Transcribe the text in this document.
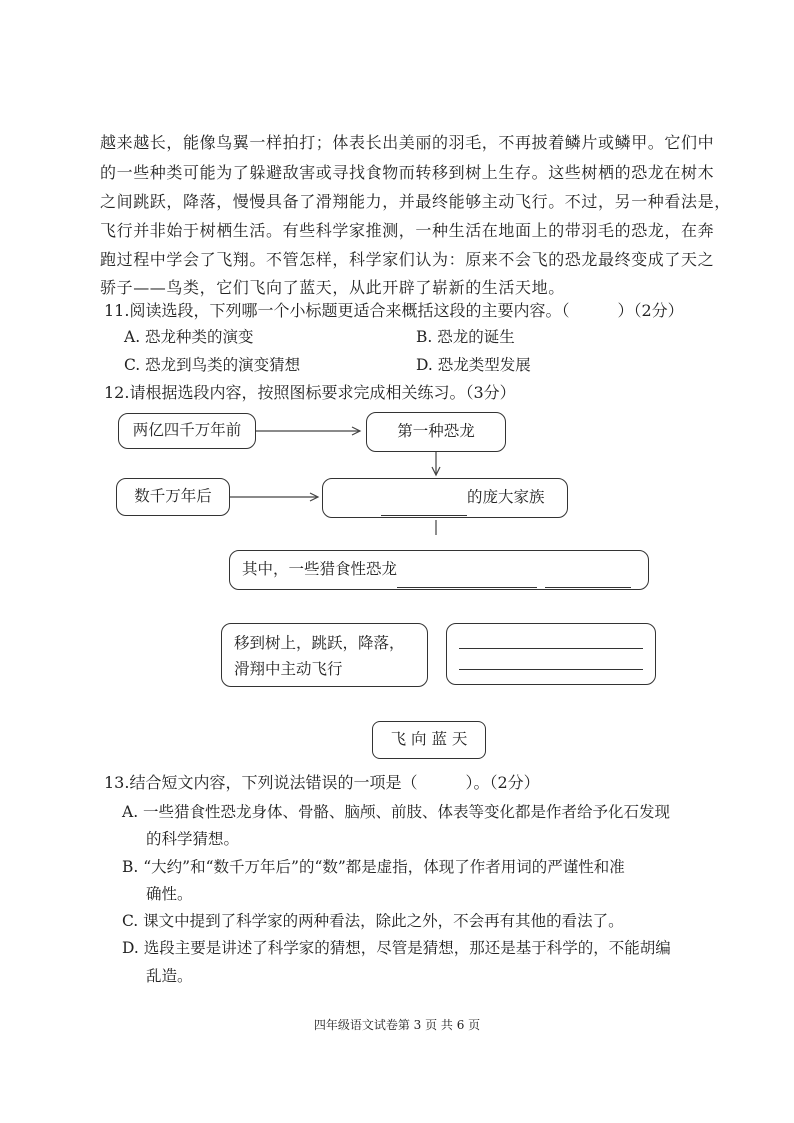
越来越长，能像鸟翼一样拍打；体表长出美丽的羽毛，不再披着鳞片或鳞甲。它们中
的一些种类可能为了躲避敌害或寻找食物而转移到树上生存。这些树栖的恐龙在树木
之间跳跃，降落，慢慢具备了滑翔能力，并最终能够主动飞行。不过，另一种看法是，
飞行并非始于树栖生活。有些科学家推测，一种生活在地面上的带羽毛的恐龙，在奔
跑过程中学会了飞翔。不管怎样，科学家们认为：原来不会飞的恐龙最终变成了天之
骄子——鸟类，它们飞向了蓝天，从此开辟了崭新的生活天地。
11.阅读选段，下列哪一个小标题更适合来概括这段的主要内容。（　　　）（2分）
A. 恐龙种类的演变	B. 恐龙的诞生
C. 恐龙到鸟类的演变猜想	D. 恐龙类型发展
12.请根据选段内容，按照图标要求完成相关练习。（3分）
两亿四千万年前	第一种恐龙
数千万年后	的庞大家族
其中，一些猎食性恐龙
移到树上，跳跃，降落，
滑翔中主动飞行
飞 向 蓝 天
13.结合短文内容，下列说法错误的一项是（　　　）。（2分）
A. 一些猎食性恐龙身体、骨骼、脑颅、前肢、体表等变化都是作者给予化石发现
的科学猜想。
B. “大约”和“数千万年后”的“数”都是虚指，体现了作者用词的严谨性和准
确性。
C. 课文中提到了科学家的两种看法，除此之外，不会再有其他的看法了。
D. 选段主要是讲述了科学家的猜想，尽管是猜想，那还是基于科学的，不能胡编
乱造。
四年级语文试卷第 3 页 共 6 页
